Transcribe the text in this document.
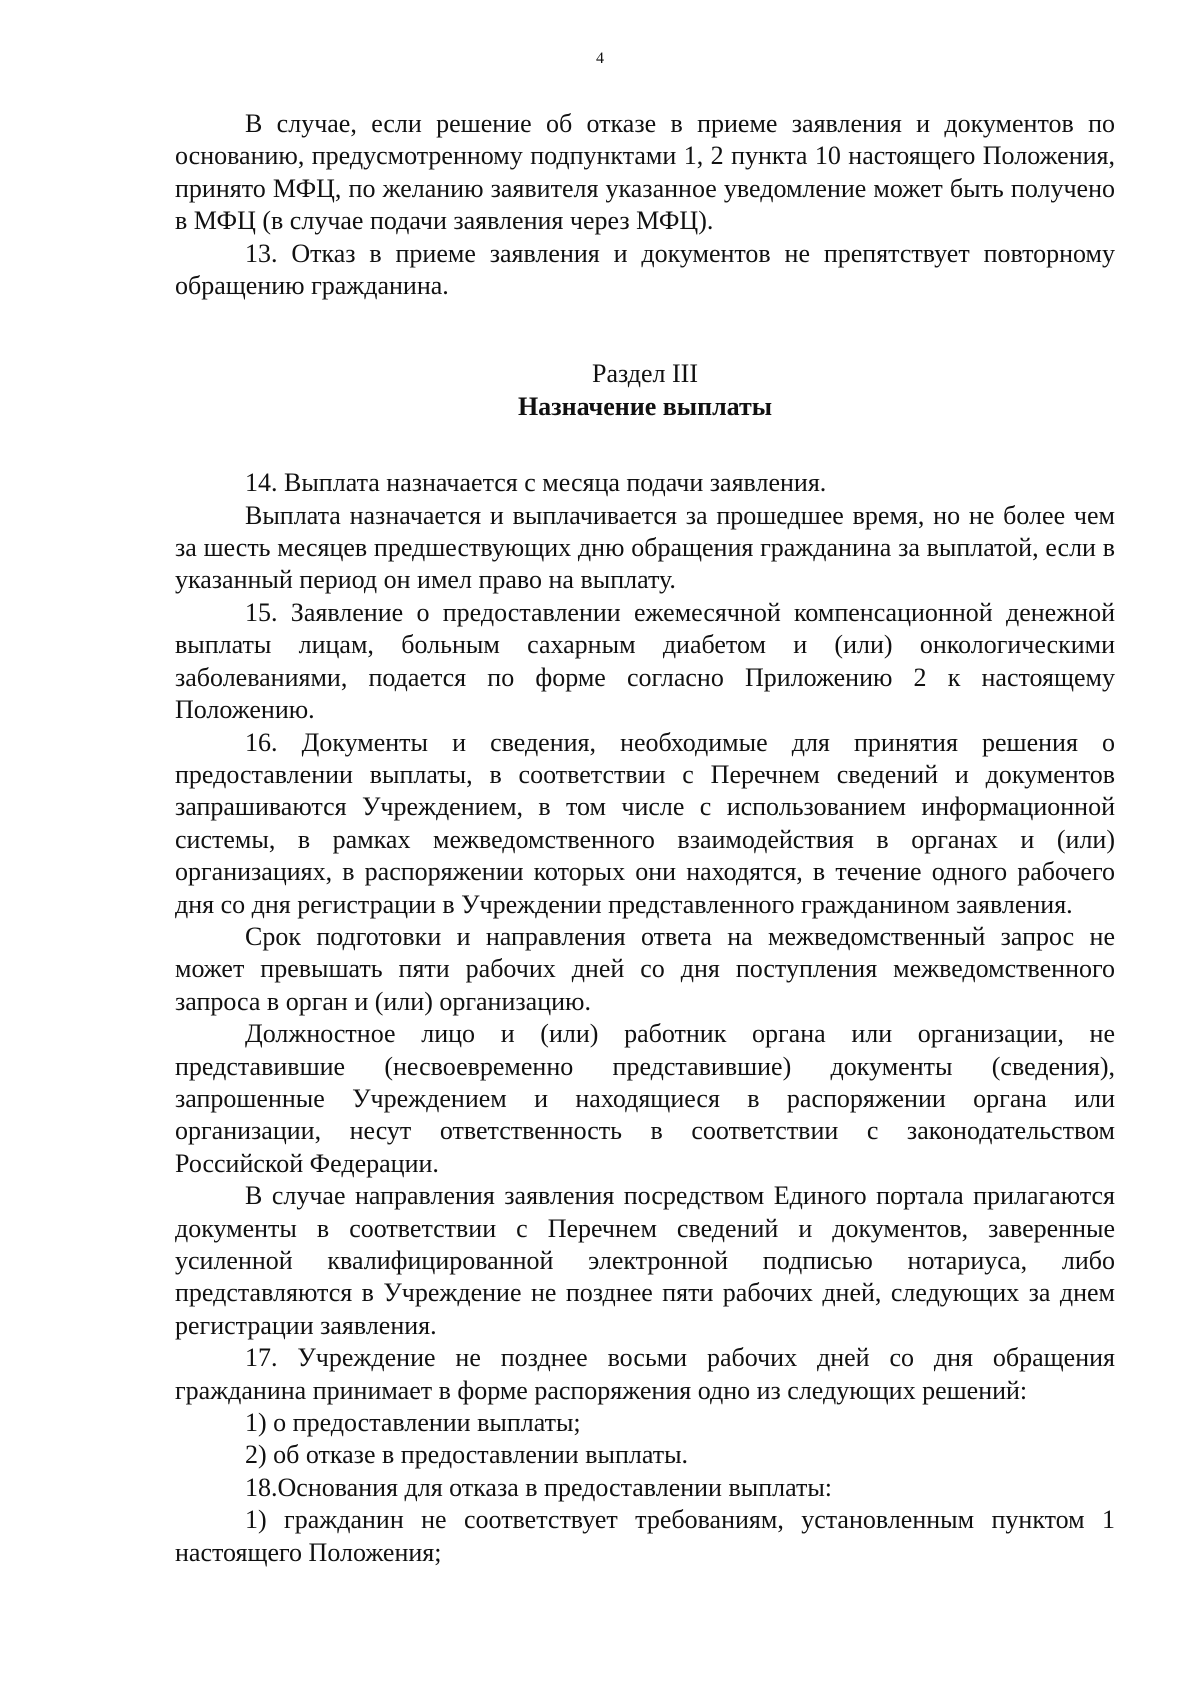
4

В случае, если решение об отказе в приеме заявления и документов по основанию, предусмотренному подпунктами 1, 2 пункта 10 настоящего Положения, принято МФЦ, по желанию заявителя указанное уведомление может быть получено в МФЦ (в случае подачи заявления через МФЦ).

13. Отказ в приеме заявления и документов не препятствует повторному обращению гражданина.

Раздел III

Назначение выплаты

14. Выплата назначается с месяца подачи заявления.

Выплата назначается и выплачивается за прошедшее время, но не более чем за шесть месяцев предшествующих дню обращения гражданина за выплатой, если в указанный период он имел право на выплату.

15. Заявление о предоставлении ежемесячной компенсационной денежной выплаты лицам, больным сахарным диабетом и (или) онкологическими заболеваниями, подается по форме согласно Приложению 2 к настоящему Положению.

16. Документы и сведения, необходимые для принятия решения о предоставлении выплаты, в соответствии с Перечнем сведений и документов запрашиваются Учреждением, в том числе с использованием информационной системы, в рамках межведомственного взаимодействия в органах и (или) организациях, в распоряжении которых они находятся, в течение одного рабочего дня со дня регистрации в Учреждении представленного гражданином заявления.

Срок подготовки и направления ответа на межведомственный запрос не может превышать пяти рабочих дней со дня поступления межведомственного запроса в орган и (или) организацию.

Должностное лицо и (или) работник органа или организации, не представившие (несвоевременно представившие) документы (сведения), запрошенные Учреждением и находящиеся в распоряжении органа или организации, несут ответственность в соответствии с законодательством Российской Федерации.

В случае направления заявления посредством Единого портала прилагаются документы в соответствии с Перечнем сведений и документов, заверенные усиленной квалифицированной электронной подписью нотариуса, либо представляются в Учреждение не позднее пяти рабочих дней, следующих за днем регистрации заявления.

17. Учреждение не позднее восьми рабочих дней со дня обращения гражданина принимает в форме распоряжения одно из следующих решений:

1) о предоставлении выплаты;

2) об отказе в предоставлении выплаты.

18.Основания для отказа в предоставлении выплаты:

1) гражданин не соответствует требованиям, установленным пунктом 1 настоящего Положения;
